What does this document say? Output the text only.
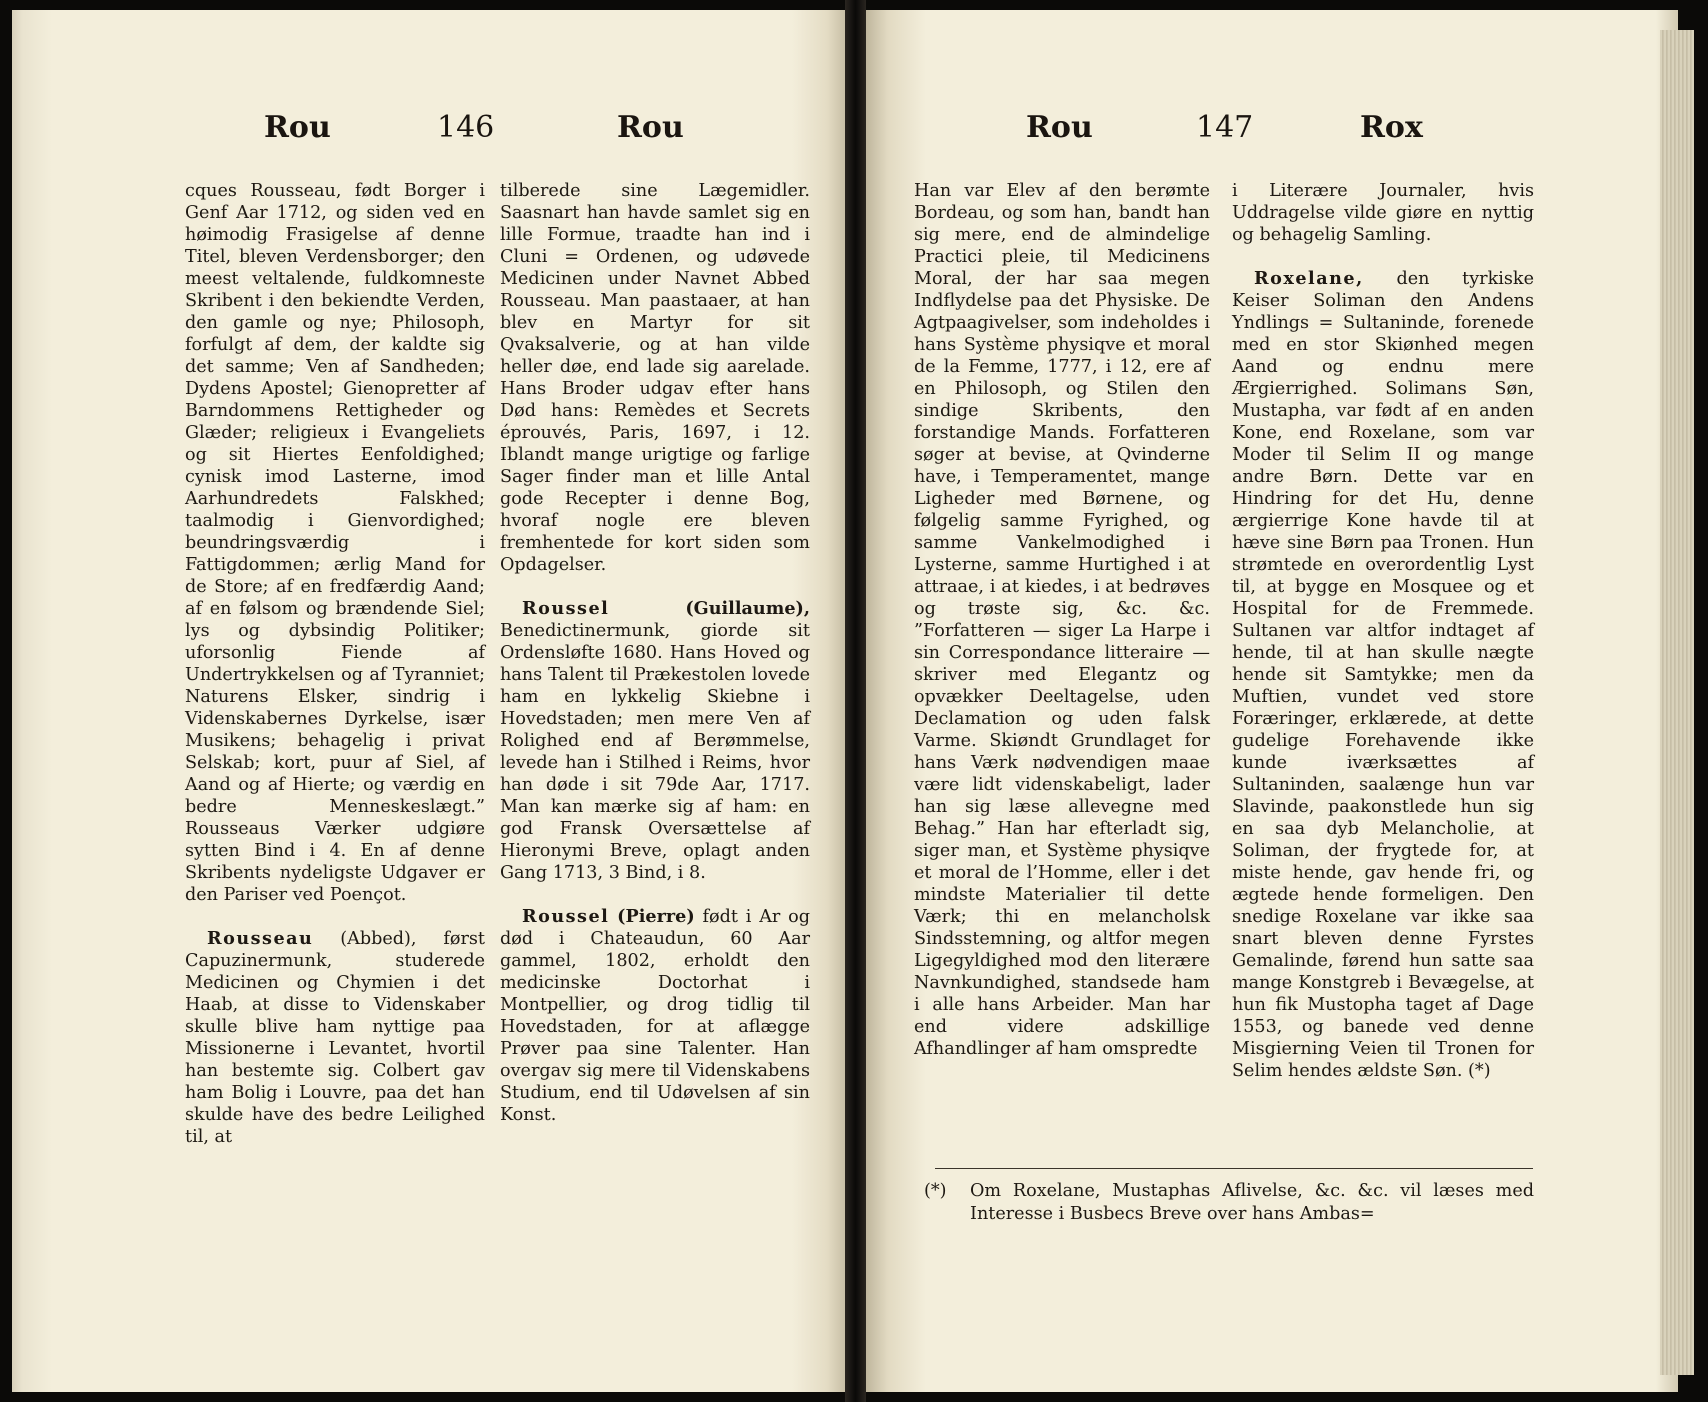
Rou	146	Rou

cques Rousseau, født Borger i Genf Aar 1712, og siden ved en høimodig Frasigelse af denne Titel, bleven Verdensborger; den meest veltalende, fuldkomneste Skribent i den bekiendte Verden, den gamle og nye; Philosoph, forfulgt af dem, der kaldte sig det samme; Ven af Sandheden; Dydens Apostel; Gienopretter af Barndommens Rettigheder og Glæder; religieux i Evangeliets og sit Hiertes Eenfoldighed; cynisk imod Lasterne, imod Aarhundredets Falskhed; taalmodig i Gienvordighed; beundringsværdig i Fattigdommen; ærlig Mand for de Store; af en fredfærdig Aand; af en følsom og brændende Siel; lys og dybsindig Politiker; uforsonlig Fiende af Undertrykkelsen og af Tyranniet; Naturens Elsker, sindrig i Videnskabernes Dyrkelse, især Musikens; behagelig i privat Selskab; kort, puur af Siel, af Aand og af Hierte; og værdig en bedre Menneskeslægt.” Rousseaus Værker udgiøre sytten Bind i 4. En af denne Skribents nydeligste Udgaver er den Pariser ved Poençot.

Rousseau (Abbed), først Capuzinermunk, studerede Medicinen og Chymien i det Haab, at disse to Videnskaber skulle blive ham nyttige paa Missionerne i Levantet, hvortil han bestemte sig. Colbert gav ham Bolig i Louvre, paa det han skulde have des bedre Leilighed til, at

tilberede sine Lægemidler. Saasnart han havde samlet sig en lille Formue, traadte han ind i Cluni = Ordenen, og udøvede Medicinen under Navnet Abbed Rousseau. Man paastaaer, at han blev en Martyr for sit Qvaksalverie, og at han vilde heller døe, end lade sig aarelade. Hans Broder udgav efter hans Død hans: Remèdes et Secrets éprouvés, Paris, 1697, i 12. Iblandt mange urigtige og farlige Sager finder man et lille Antal gode Recepter i denne Bog, hvoraf nogle ere bleven fremhentede for kort siden som Opdagelser.

Roussel	(Guillaume), Benedictinermunk, giorde sit Ordensløfte 1680. Hans Hoved og hans Talent til Prækestolen lovede ham en lykkelig Skiebne i Hovedstaden; men mere Ven af Rolighed end af Berømmelse, levede han i Stilhed i Reims, hvor han døde i sit 79de Aar, 1717. Man kan mærke sig af ham: en god Fransk Oversættelse af Hieronymi Breve, oplagt anden Gang 1713, 3 Bind, i 8.

Roussel (Pierre) født i Ar og død i Chateaudun, 60 Aar gammel, 1802, erholdt den medicinske Doctorhat i Montpellier, og drog tidlig til Hovedstaden, for at aflægge Prøver paa sine Talenter. Han overgav sig mere til Videnskabens Studium, end til Udøvelsen af sin Konst.

Rou	147	Rox

Han var Elev af den berømte Bordeau, og som han, bandt han sig mere, end de almindelige Practici pleie, til Medicinens Moral, der har saa megen Indflydelse paa det Physiske. De Agtpaagivelser, som indeholdes i hans Système physiqve et moral de la Femme, 1777, i 12, ere af en Philosoph, og Stilen den sindige Skribents, den forstandige Mands. Forfatteren søger at bevise, at Qvinderne have, i Temperamentet, mange Ligheder med Børnene, og følgelig samme Fyrighed, og samme Vankelmodighed i Lysterne, samme Hurtighed i at attraae, i at kiedes, i at bedrøves og trøste sig, &c. &c. ”Forfatteren — siger La Harpe i sin Correspondance litteraire — skriver med Elegantz og opvækker Deeltagelse, uden Declamation og uden falsk Varme. Skiøndt Grundlaget for hans Værk nødvendigen maae være lidt videnskabeligt, lader han sig læse allevegne med Behag.” Han har efterladt sig, siger man, et Système physiqve et moral de l’Homme, eller i det mindste Materialier til dette Værk; thi en melancholsk Sindsstemning, og altfor megen Ligegyldighed mod den literære Navnkundighed, standsede ham i alle hans Arbeider. Man har end videre adskillige Afhandlinger af ham omspredte

i Literære Journaler, hvis Uddragelse vilde giøre en nyttig og behagelig Samling.

Roxelane, den tyrkiske Keiser Soliman den Andens Yndlings = Sultaninde, forenede med en stor Skiønhed megen Aand og endnu mere Ærgierrighed. Solimans Søn, Mustapha, var født af en anden Kone, end Roxelane, som var Moder til Selim II og mange andre Børn. Dette var en Hindring for det Hu, denne ærgierrige Kone havde til at hæve sine Børn paa Tronen. Hun strømtede en overordentlig Lyst til, at bygge en Mosquee og et Hospital for de Fremmede. Sultanen var altfor indtaget af hende, til at han skulle nægte hende sit Samtykke; men da Muftien, vundet ved store Foræringer, erklærede, at dette gudelige Forehavende ikke kunde iværksættes af Sultaninden, saalænge hun var Slavinde, paakonstlede hun sig en saa dyb Melancholie, at Soliman, der frygtede for, at miste hende, gav hende fri, og ægtede hende formeligen. Den snedige Roxelane var ikke saa snart bleven denne Fyrstes Gemalinde, førend hun satte saa mange Konstgreb i Bevægelse, at hun fik Mustopha taget af Dage 1553, og banede ved denne Misgierning Veien til Tronen for Selim hendes ældste Søn. (*)

(*)	Om Roxelane, Mustaphas Aflivelse, &c. &c. vil læses med Interesse i Busbecs Breve over hans Ambas=
